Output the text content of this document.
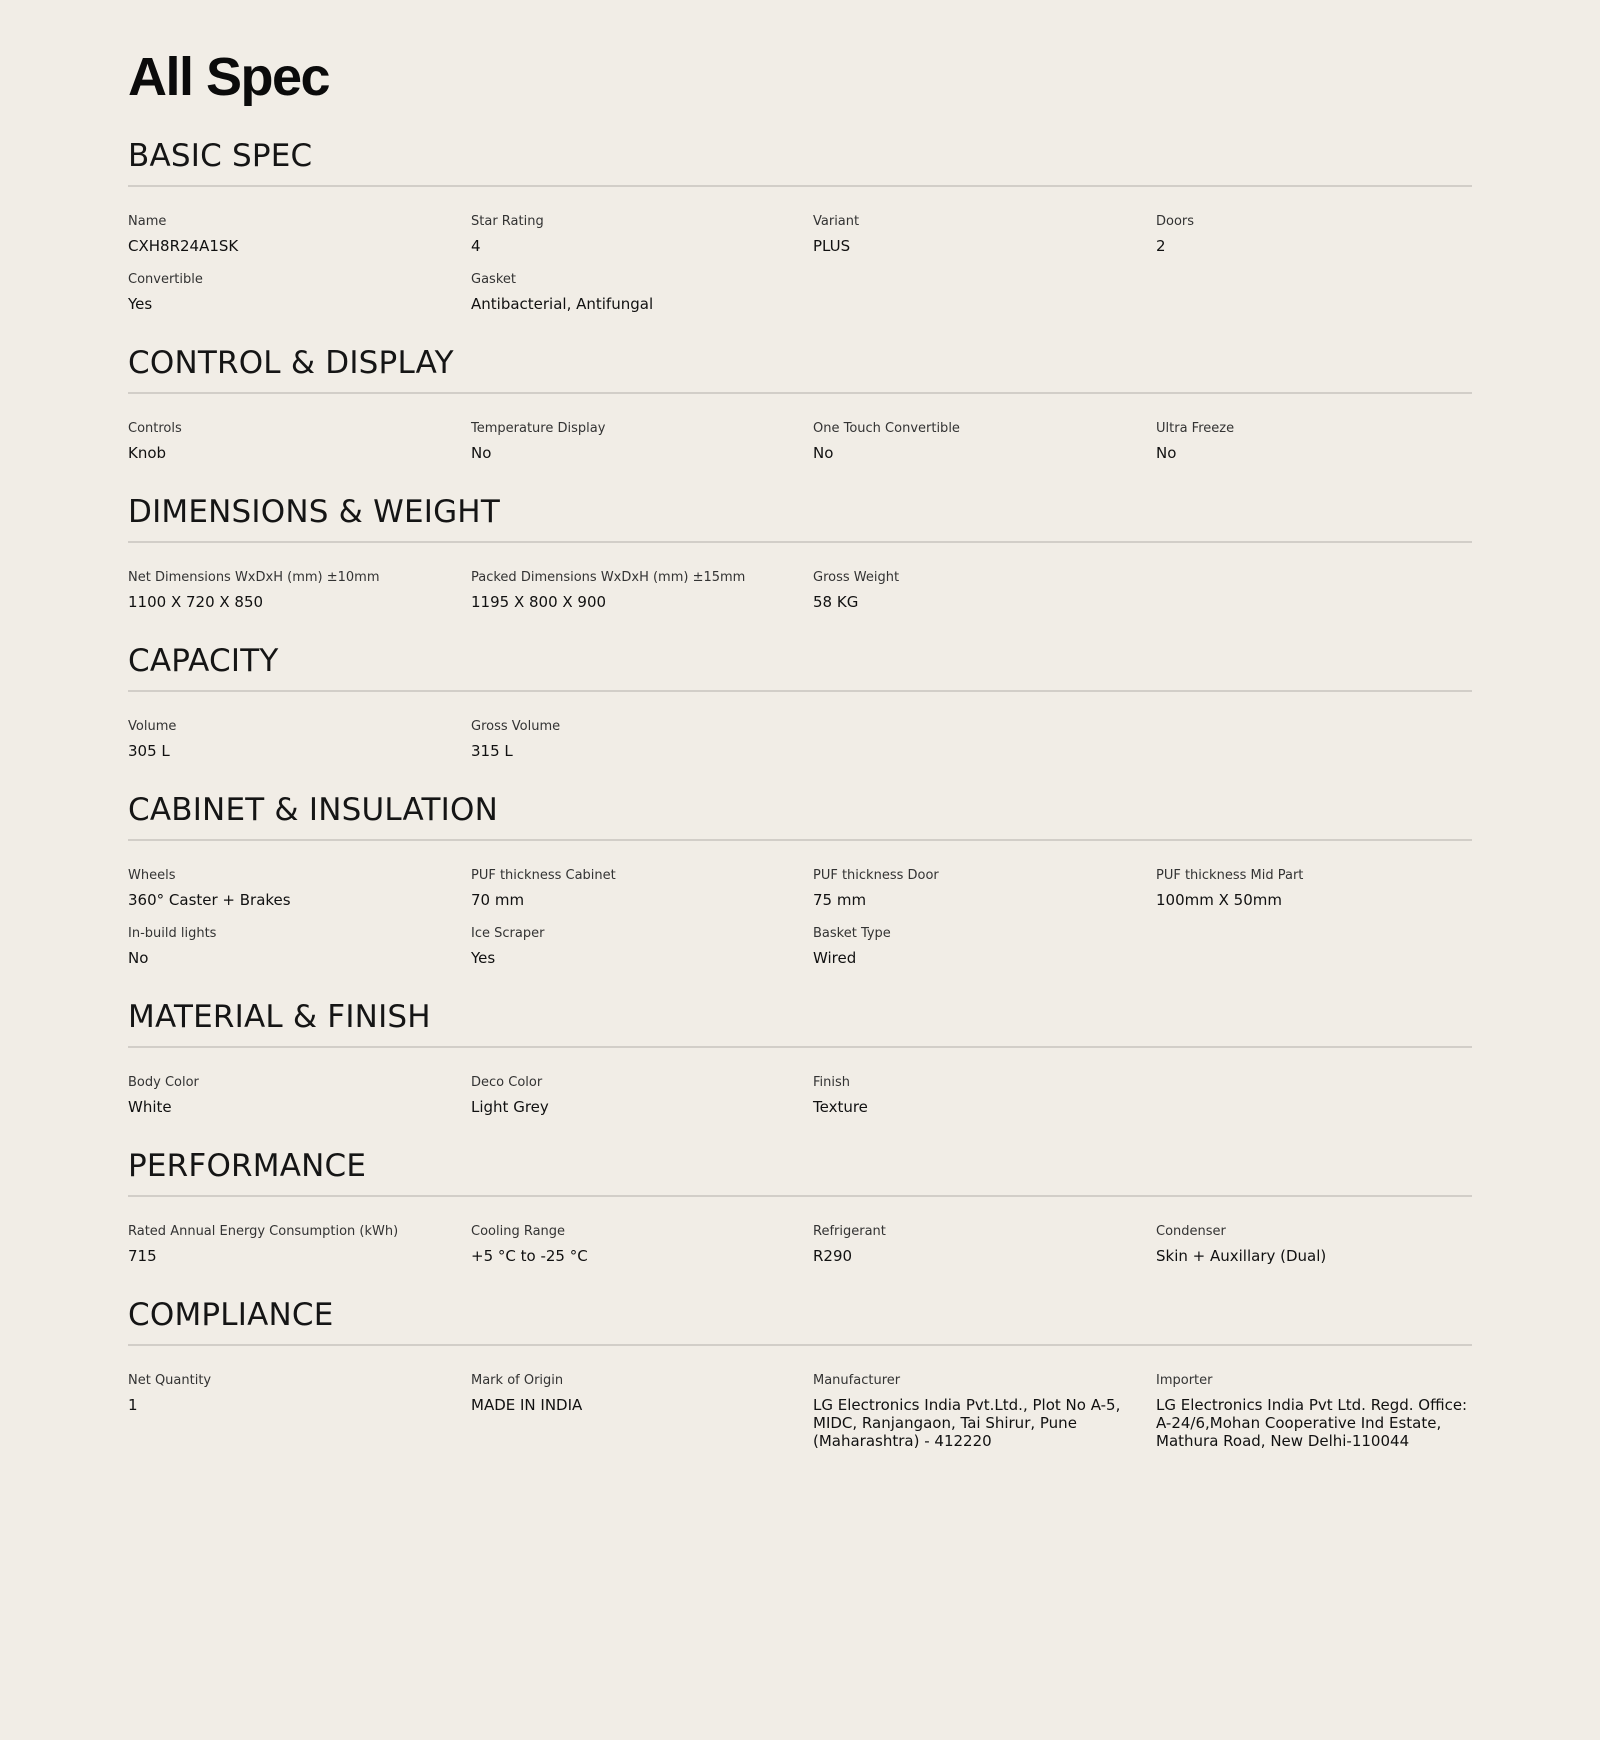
All Spec
BASIC SPEC
Name
CXH8R24A1SK
Star Rating
4
Variant
PLUS
Doors
2
Convertible
Yes
Gasket
Antibacterial, Antifungal
CONTROL & DISPLAY
Controls
Knob
Temperature Display
No
One Touch Convertible
No
Ultra Freeze
No
DIMENSIONS & WEIGHT
Net Dimensions WxDxH (mm) ±10mm
1100 X 720 X 850
Packed Dimensions WxDxH (mm) ±15mm
1195 X 800 X 900
Gross Weight
58 KG
CAPACITY
Volume
305 L
Gross Volume
315 L
CABINET & INSULATION
Wheels
360° Caster + Brakes
PUF thickness Cabinet
70 mm
PUF thickness Door
75 mm
PUF thickness Mid Part
100mm X 50mm
In-build lights
No
Ice Scraper
Yes
Basket Type
Wired
MATERIAL & FINISH
Body Color
White
Deco Color
Light Grey
Finish
Texture
PERFORMANCE
Rated Annual Energy Consumption (kWh)
715
Cooling Range
+5 °C to -25 °C
Refrigerant
R290
Condenser
Skin + Auxillary (Dual)
COMPLIANCE
Net Quantity
1
Mark of Origin
MADE IN INDIA
Manufacturer
LG Electronics India Pvt.Ltd., Plot No A-5, MIDC, Ranjangaon, Tai Shirur, Pune (Maharashtra) - 412220
Importer
LG Electronics India Pvt Ltd. Regd. Office: A-24/6,Mohan Cooperative Ind Estate, Mathura Road, New Delhi-110044
